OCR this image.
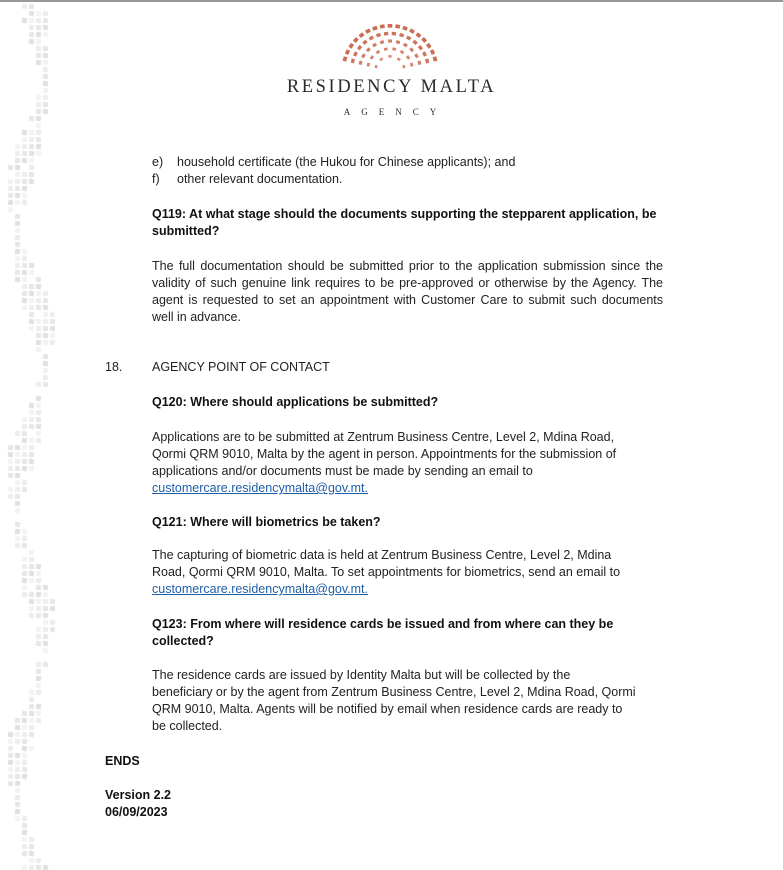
RESIDENCY MALTA
AGENCY
e) household certificate (the Hukou for Chinese applicants); and
f) other relevant documentation.
Q119: At what stage should the documents supporting the stepparent application, be
submitted?
The full documentation should be submitted prior to the application submission since the validity of such genuine link requires to be pre-approved or otherwise by the Agency. The agent is requested to set an appointment with Customer Care to submit such documents well in advance.
18. AGENCY POINT OF CONTACT
Q120: Where should applications be submitted?
Applications are to be submitted at Zentrum Business Centre, Level 2, Mdina Road,
Qormi QRM 9010, Malta by the agent in person. Appointments for the submission of
applications and/or documents must be made by sending an email to
customercare.residencymalta@gov.mt.
Q121: Where will biometrics be taken?
The capturing of biometric data is held at Zentrum Business Centre, Level 2, Mdina
Road, Qormi QRM 9010, Malta. To set appointments for biometrics, send an email to
customercare.residencymalta@gov.mt.
Q123: From where will residence cards be issued and from where can they be
collected?
The residence cards are issued by Identity Malta but will be collected by the
beneficiary or by the agent from Zentrum Business Centre, Level 2, Mdina Road, Qormi
QRM 9010, Malta. Agents will be notified by email when residence cards are ready to
be collected.
ENDS
Version 2.2
06/09/2023
